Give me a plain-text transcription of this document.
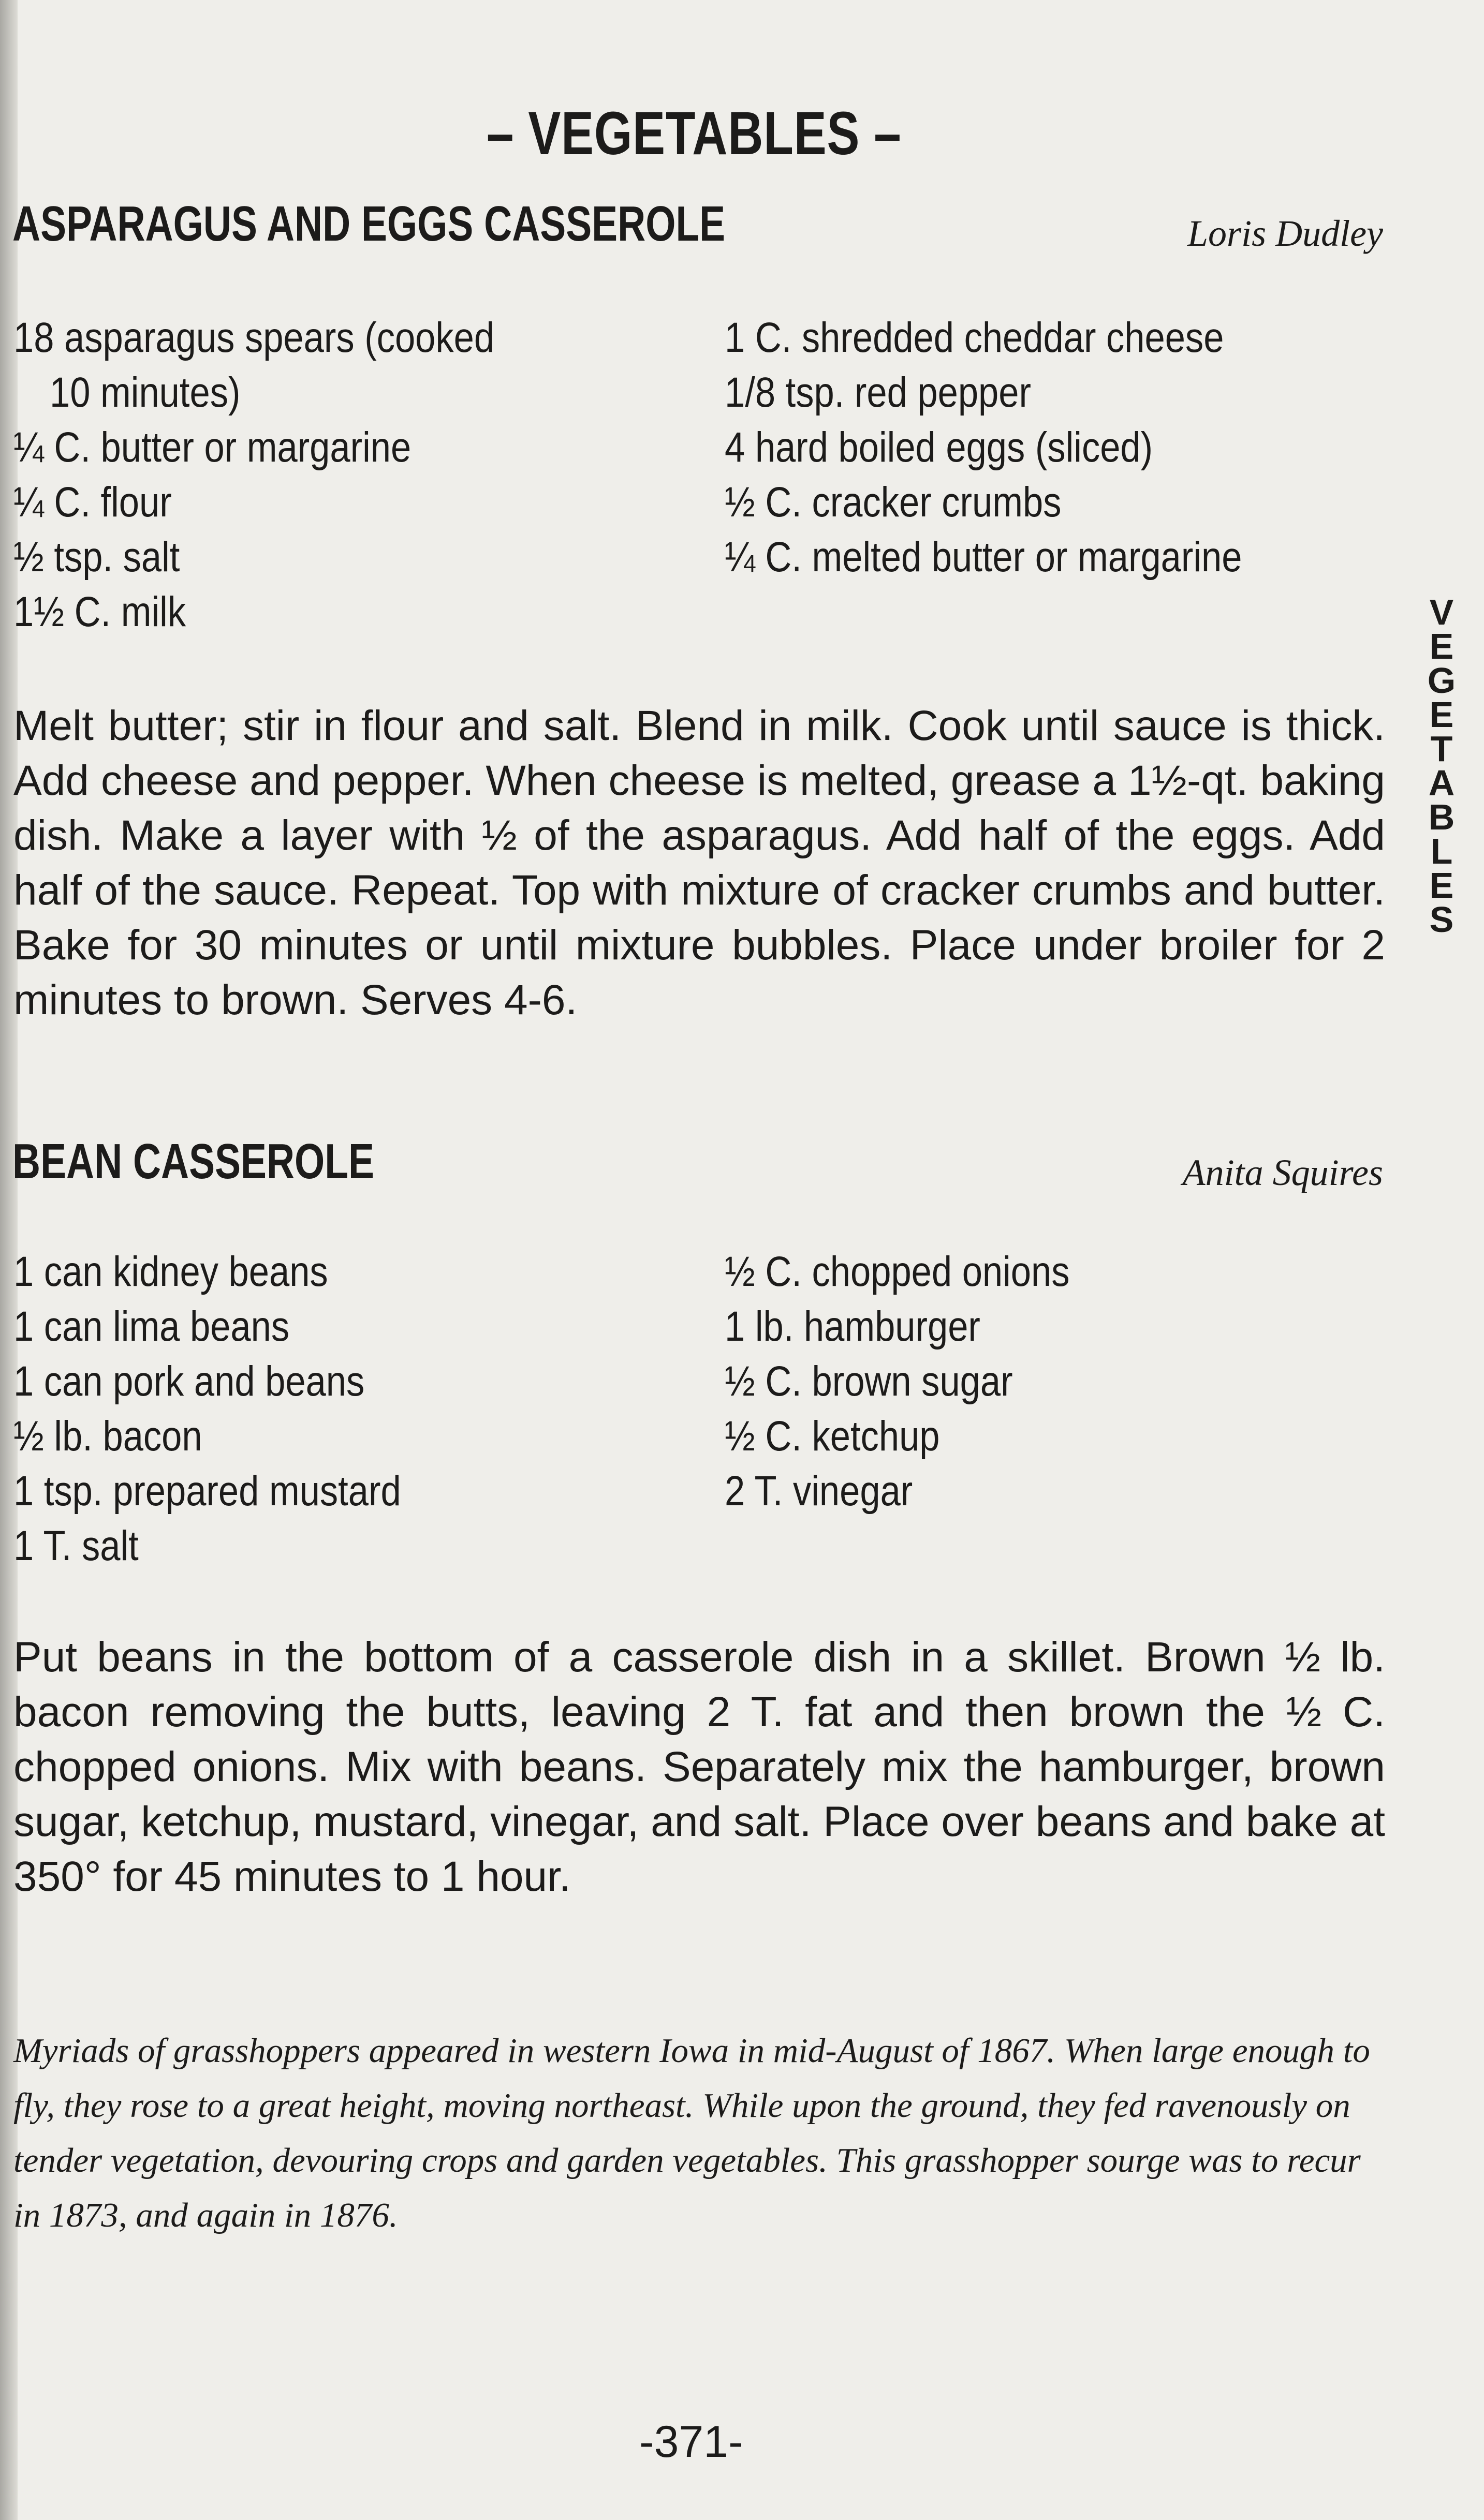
– VEGETABLES –
ASPARAGUS AND EGGS CASSEROLE	Loris Dudley
18 asparagus spears (cooked
10 minutes)
¼ C. butter or margarine
¼ C. flour
½ tsp. salt
1½ C. milk
1 C. shredded cheddar cheese
1/8 tsp. red pepper
4 hard boiled eggs (sliced)
½ C. cracker crumbs
¼ C. melted butter or margarine
Melt butter; stir in flour and salt. Blend in milk. Cook until sauce is thick. Add cheese and pepper. When cheese is melted, grease a 1½-qt. baking dish. Make a layer with ½ of the asparagus. Add half of the eggs. Add half of the sauce. Repeat. Top with mixture of cracker crumbs and butter. Bake for 30 minutes or until mixture bubbles. Place under broiler for 2 minutes to brown. Serves 4-6.
BEAN CASSEROLE	Anita Squires
1 can kidney beans
1 can lima beans
1 can pork and beans
½ lb. bacon
1 tsp. prepared mustard
1 T. salt
½ C. chopped onions
1 lb. hamburger
½ C. brown sugar
½ C. ketchup
2 T. vinegar
Put beans in the bottom of a casserole dish in a skillet. Brown ½ lb. bacon removing the butts, leaving 2 T. fat and then brown the ½ C. chopped onions. Mix with beans. Separately mix the hamburger, brown sugar, ketchup, mustard, vinegar, and salt. Place over beans and bake at 350° for 45 minutes to 1 hour.
Myriads of grasshoppers appeared in western Iowa in mid-August of 1867. When large enough to fly, they rose to a great height, moving northeast. While upon the ground, they fed ravenously on tender vegetation, devouring crops and garden vegetables. This grasshopper sourge was to recur in 1873, and again in 1876.
-371-
V
E
G
E
T
A
B
L
E
S
